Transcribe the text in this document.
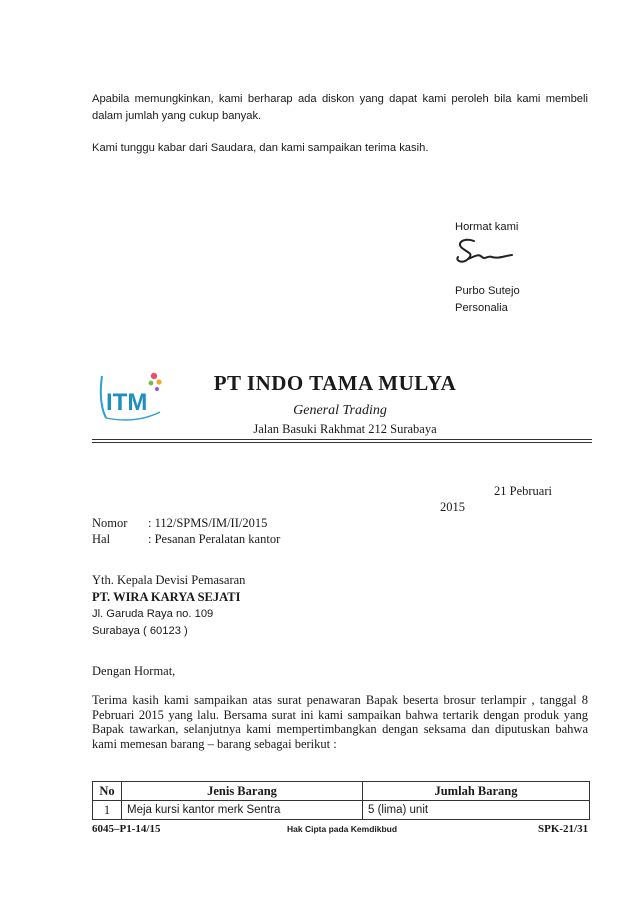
Apabila memungkinkan, kami berharap ada diskon yang dapat kami peroleh bila kami membeli dalam jumlah yang cukup banyak.
Kami tunggu kabar dari Saudara, dan kami sampaikan terima kasih.
Hormat kami
Purbo Sutejo
Personalia
ITM
PT INDO TAMA MULYA
General Trading
Jalan Basuki Rakhmat 212 Surabaya
21 Pebruari
2015
Nomor : 112/SPMS/IM/II/2015
Hal	: Pesanan Peralatan kantor
Yth. Kepala Devisi Pemasaran
PT. WIRA KARYA SEJATI
Jl. Garuda Raya no. 109
Surabaya ( 60123 )
Dengan Hormat,
Terima kasih kami sampaikan atas surat penawaran Bapak beserta brosur terlampir , tanggal 8 Pebruari 2015 yang lalu. Bersama surat ini kami sampaikan bahwa tertarik dengan produk yang Bapak tawarkan, selanjutnya kami mempertimbangkan dengan seksama dan diputuskan bahwa kami memesan barang – barang sebagai berikut :
No	Jenis Barang	Jumlah Barang
1	Meja kursi kantor merk Sentra	5 (lima) unit
6045–P1-14/15	Hak Cipta pada Kemdikbud	SPK-21/31
